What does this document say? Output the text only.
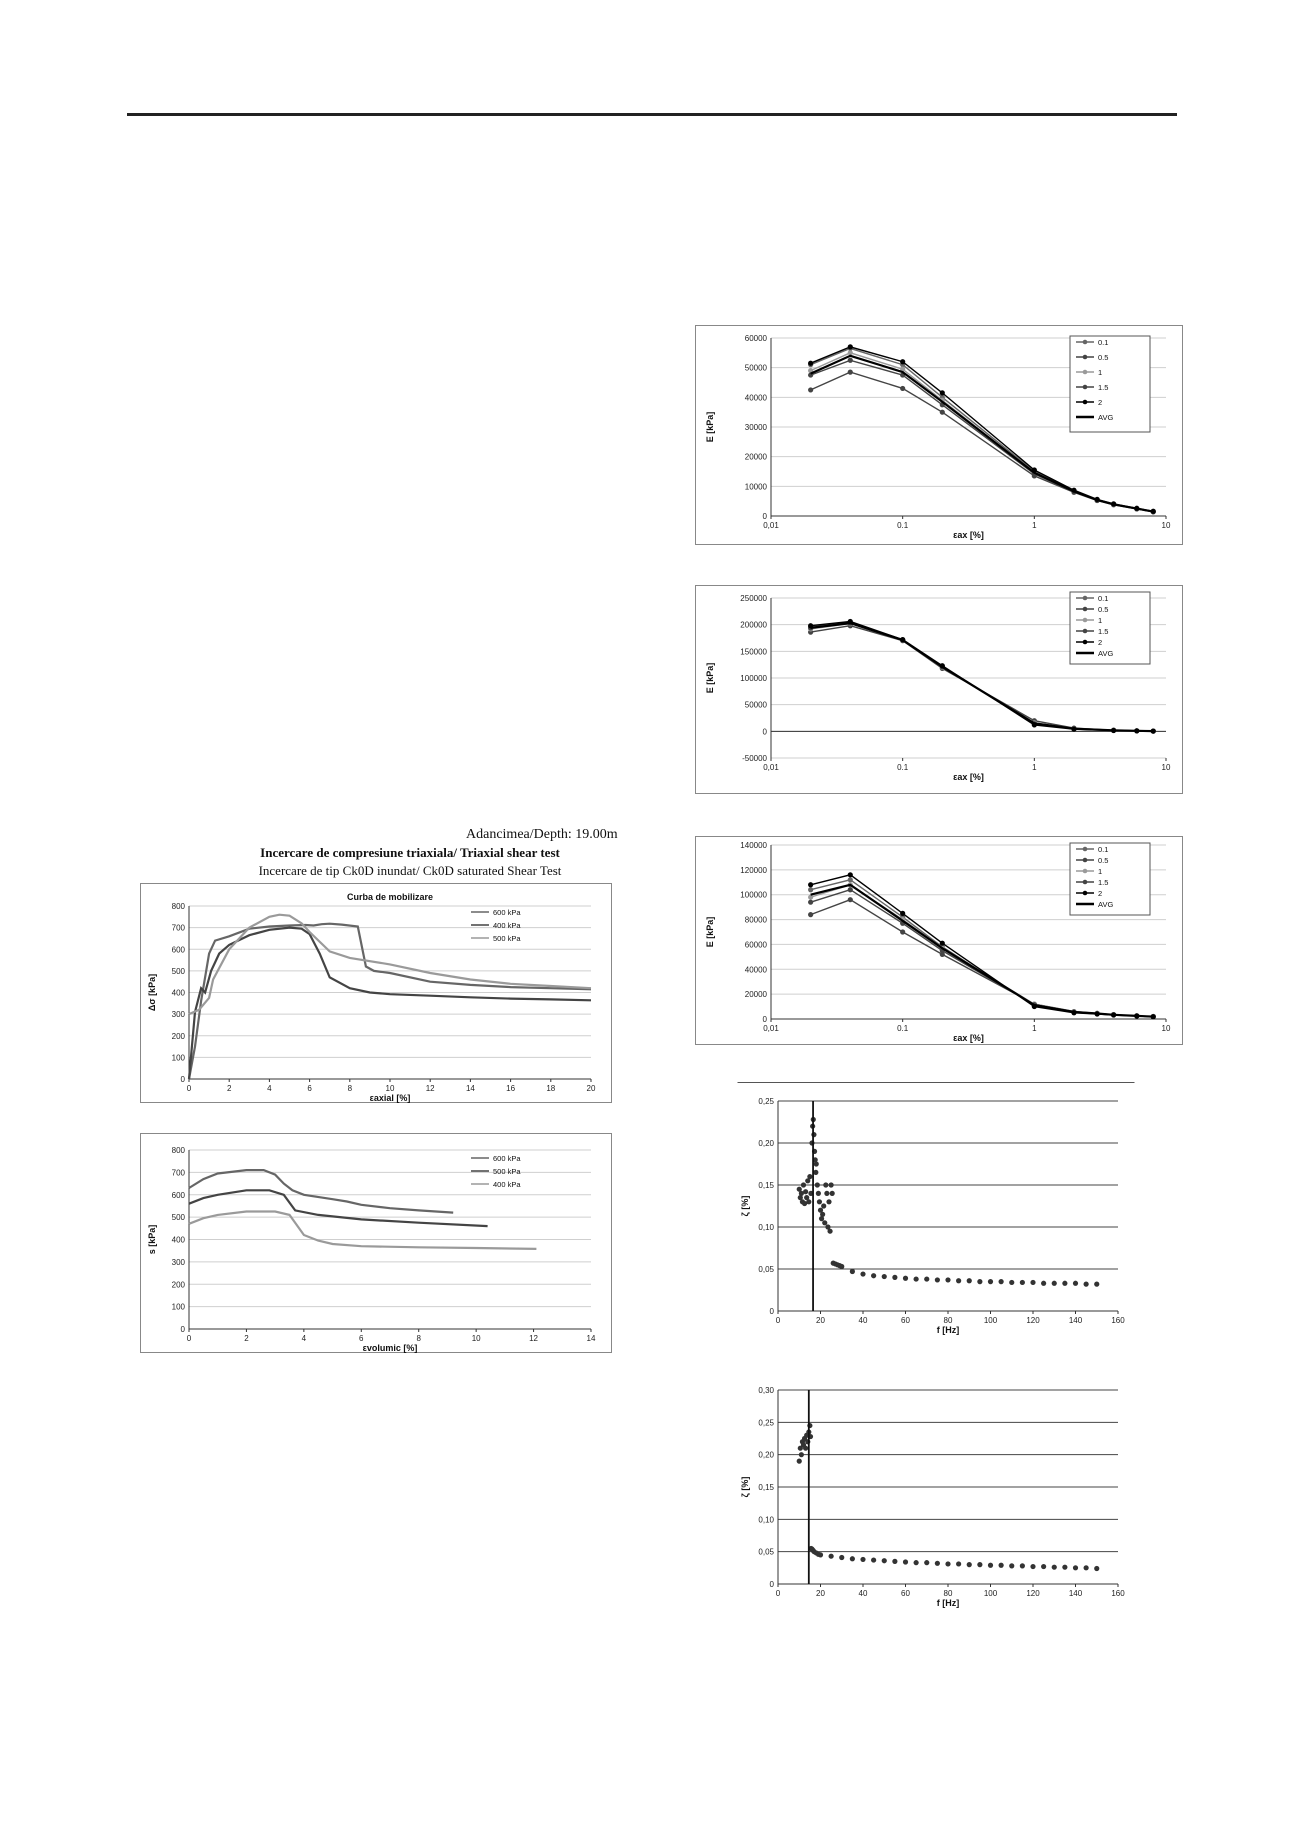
Adancimea/Depth: 19.00m
Incercare de compresiune triaxiala/ Triaxial shear test
Incercare de tip Ck0D inundat/ Ck0D saturated Shear Test
0
100
200
300
400
500
600
700
800
0	2	4	6	8	10	12	14	16	18	20
εaxial [%]
Δσ [kPa]
Curba de mobilizare
600 kPa
400 kPa
500 kPa
0
100
200
300
400
500
600
700
800
0	2	4	6	8	10	12	14
εvolumic [%]
s [kPa]
600 kPa
500 kPa
400 kPa
0
10000
20000
30000
40000
50000
60000
0,01	0.1	1	10
εax [%]
E [kPa]
0.1
0.5
1
1.5
2
AVG
-50000
0
50000
100000
150000
200000
250000
0,01	0.1	1	10
εax [%]
E [kPa]
0.1
0.5
1
1.5
2
AVG
0
20000
40000
60000
80000
100000
120000
140000
0,01	0.1	1	10
εax [%]
E [kPa]
0.1
0.5
1
1.5
2
AVG
0
0,05
0,10
0,15
0,20
0,25
0	20	40	60	80	100	120	140	160
f [Hz]
ζ [%]
0
0,05
0,10
0,15
0,20
0,25
0,30
0	20	40	60	80	100	120	140	160
f [Hz]
ζ [%]
